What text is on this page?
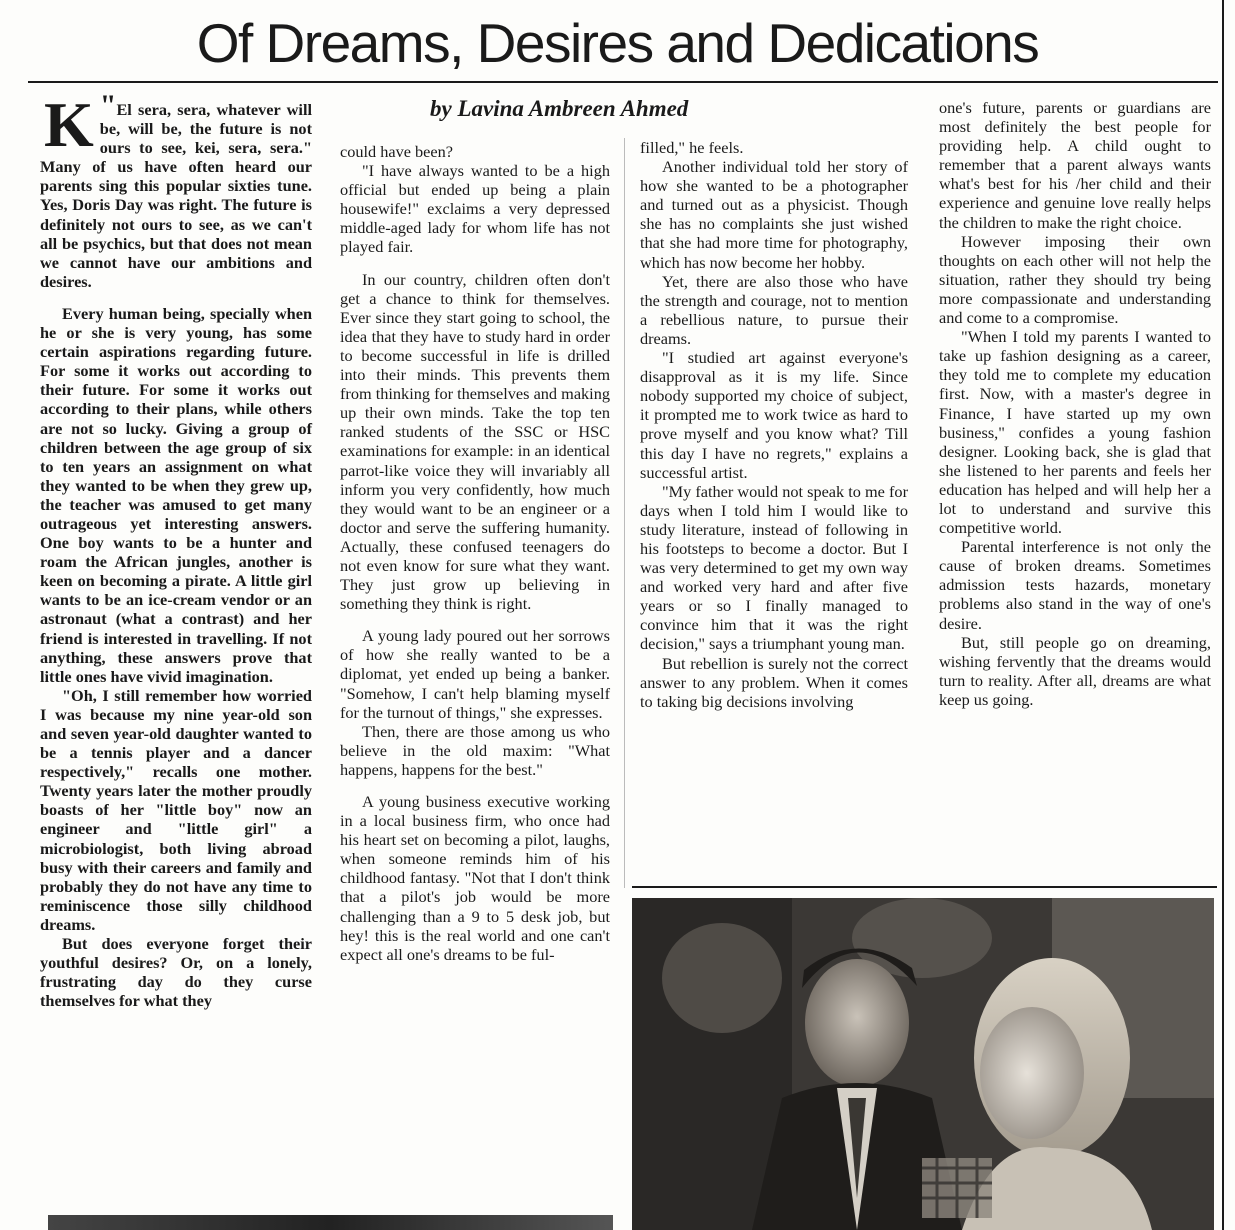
Of Dreams, Desires and Dedications

by Lavina Ambreen Ahmed

"
K El sera, sera, whatever will be, will be, the future is not ours to see, kei, sera, sera." Many of us have often heard our parents sing this popular sixties tune. Yes, Doris Day was right. The future is definitely not ours to see, as we can't all be psychics, but that does not mean we cannot have our ambitions and desires.

Every human being, specially when he or she is very young, has some certain aspirations regarding future. For some it works out according to their future. For some it works out according to their plans, while others are not so lucky. Giving a group of children between the age group of six to ten years an assignment on what they wanted to be when they grew up, the teacher was amused to get many outrageous yet interesting answers. One boy wants to be a hunter and roam the African jungles, another is keen on becoming a pirate. A little girl wants to be an ice-cream vendor or an astronaut (what a contrast) and her friend is interested in travelling. If not anything, these answers prove that little ones have vivid imagination.

"Oh, I still remember how worried I was because my nine year-old son and seven year-old daughter wanted to be a tennis player and a dancer respectively," recalls one mother. Twenty years later the mother proudly boasts of her "little boy" now an engineer and "little girl" a microbiologist, both living abroad busy with their careers and family and probably they do not have any time to reminiscence those silly childhood dreams.

But does everyone forget their youthful desires? Or, on a lonely, frustrating day do they curse themselves for what they

could have been?

"I have always wanted to be a high official but ended up being a plain housewife!" exclaims a very depressed middle-aged lady for whom life has not played fair.

In our country, children often don't get a chance to think for themselves. Ever since they start going to school, the idea that they have to study hard in order to become successful in life is drilled into their minds. This prevents them from thinking for themselves and making up their own minds. Take the top ten ranked students of the SSC or HSC examinations for example: in an identical parrot-like voice they will invariably all inform you very confidently, how much they would want to be an engineer or a doctor and serve the suffering humanity. Actually, these confused teenagers do not even know for sure what they want. They just grow up believing in something they think is right.

A young lady poured out her sorrows of how she really wanted to be a diplomat, yet ended up being a banker. "Somehow, I can't help blaming myself for the turnout of things," she expresses.

Then, there are those among us who believe in the old maxim: "What happens, happens for the best."

A young business executive working in a local business firm, who once had his heart set on becoming a pilot, laughs, when someone reminds him of his childhood fantasy. "Not that I don't think that a pilot's job would be more challenging than a 9 to 5 desk job, but hey! this is the real world and one can't expect all one's dreams to be ful-

filled," he feels.

Another individual told her story of how she wanted to be a photographer and turned out as a physicist. Though she has no complaints she just wished that she had more time for photography, which has now become her hobby.

Yet, there are also those who have the strength and courage, not to mention a rebellious nature, to pursue their dreams.

"I studied art against everyone's disapproval as it is my life. Since nobody supported my choice of subject, it prompted me to work twice as hard to prove myself and you know what? Till this day I have no regrets," explains a successful artist.

"My father would not speak to me for days when I told him I would like to study literature, instead of following in his footsteps to become a doctor. But I was very determined to get my own way and worked very hard and after five years or so I finally managed to convince him that it was the right decision," says a triumphant young man.

But rebellion is surely not the correct answer to any problem. When it comes to taking big decisions involving

one's future, parents or guardians are most definitely the best people for providing help. A child ought to remember that a parent always wants what's best for his /her child and their experience and genuine love really helps the children to make the right choice.

However imposing their own thoughts on each other will not help the situation, rather they should try being more compassionate and understanding and come to a compromise.

"When I told my parents I wanted to take up fashion designing as a career, they told me to complete my education first. Now, with a master's degree in Finance, I have started up my own business," confides a young fashion designer. Looking back, she is glad that she listened to her parents and feels her education has helped and will help her a lot to understand and survive this competitive world.

Parental interference is not only the cause of broken dreams. Sometimes admission tests hazards, monetary problems also stand in the way of one's desire.

But, still people go on dreaming, wishing fervently that the dreams would turn to reality. After all, dreams are what keep us going.
